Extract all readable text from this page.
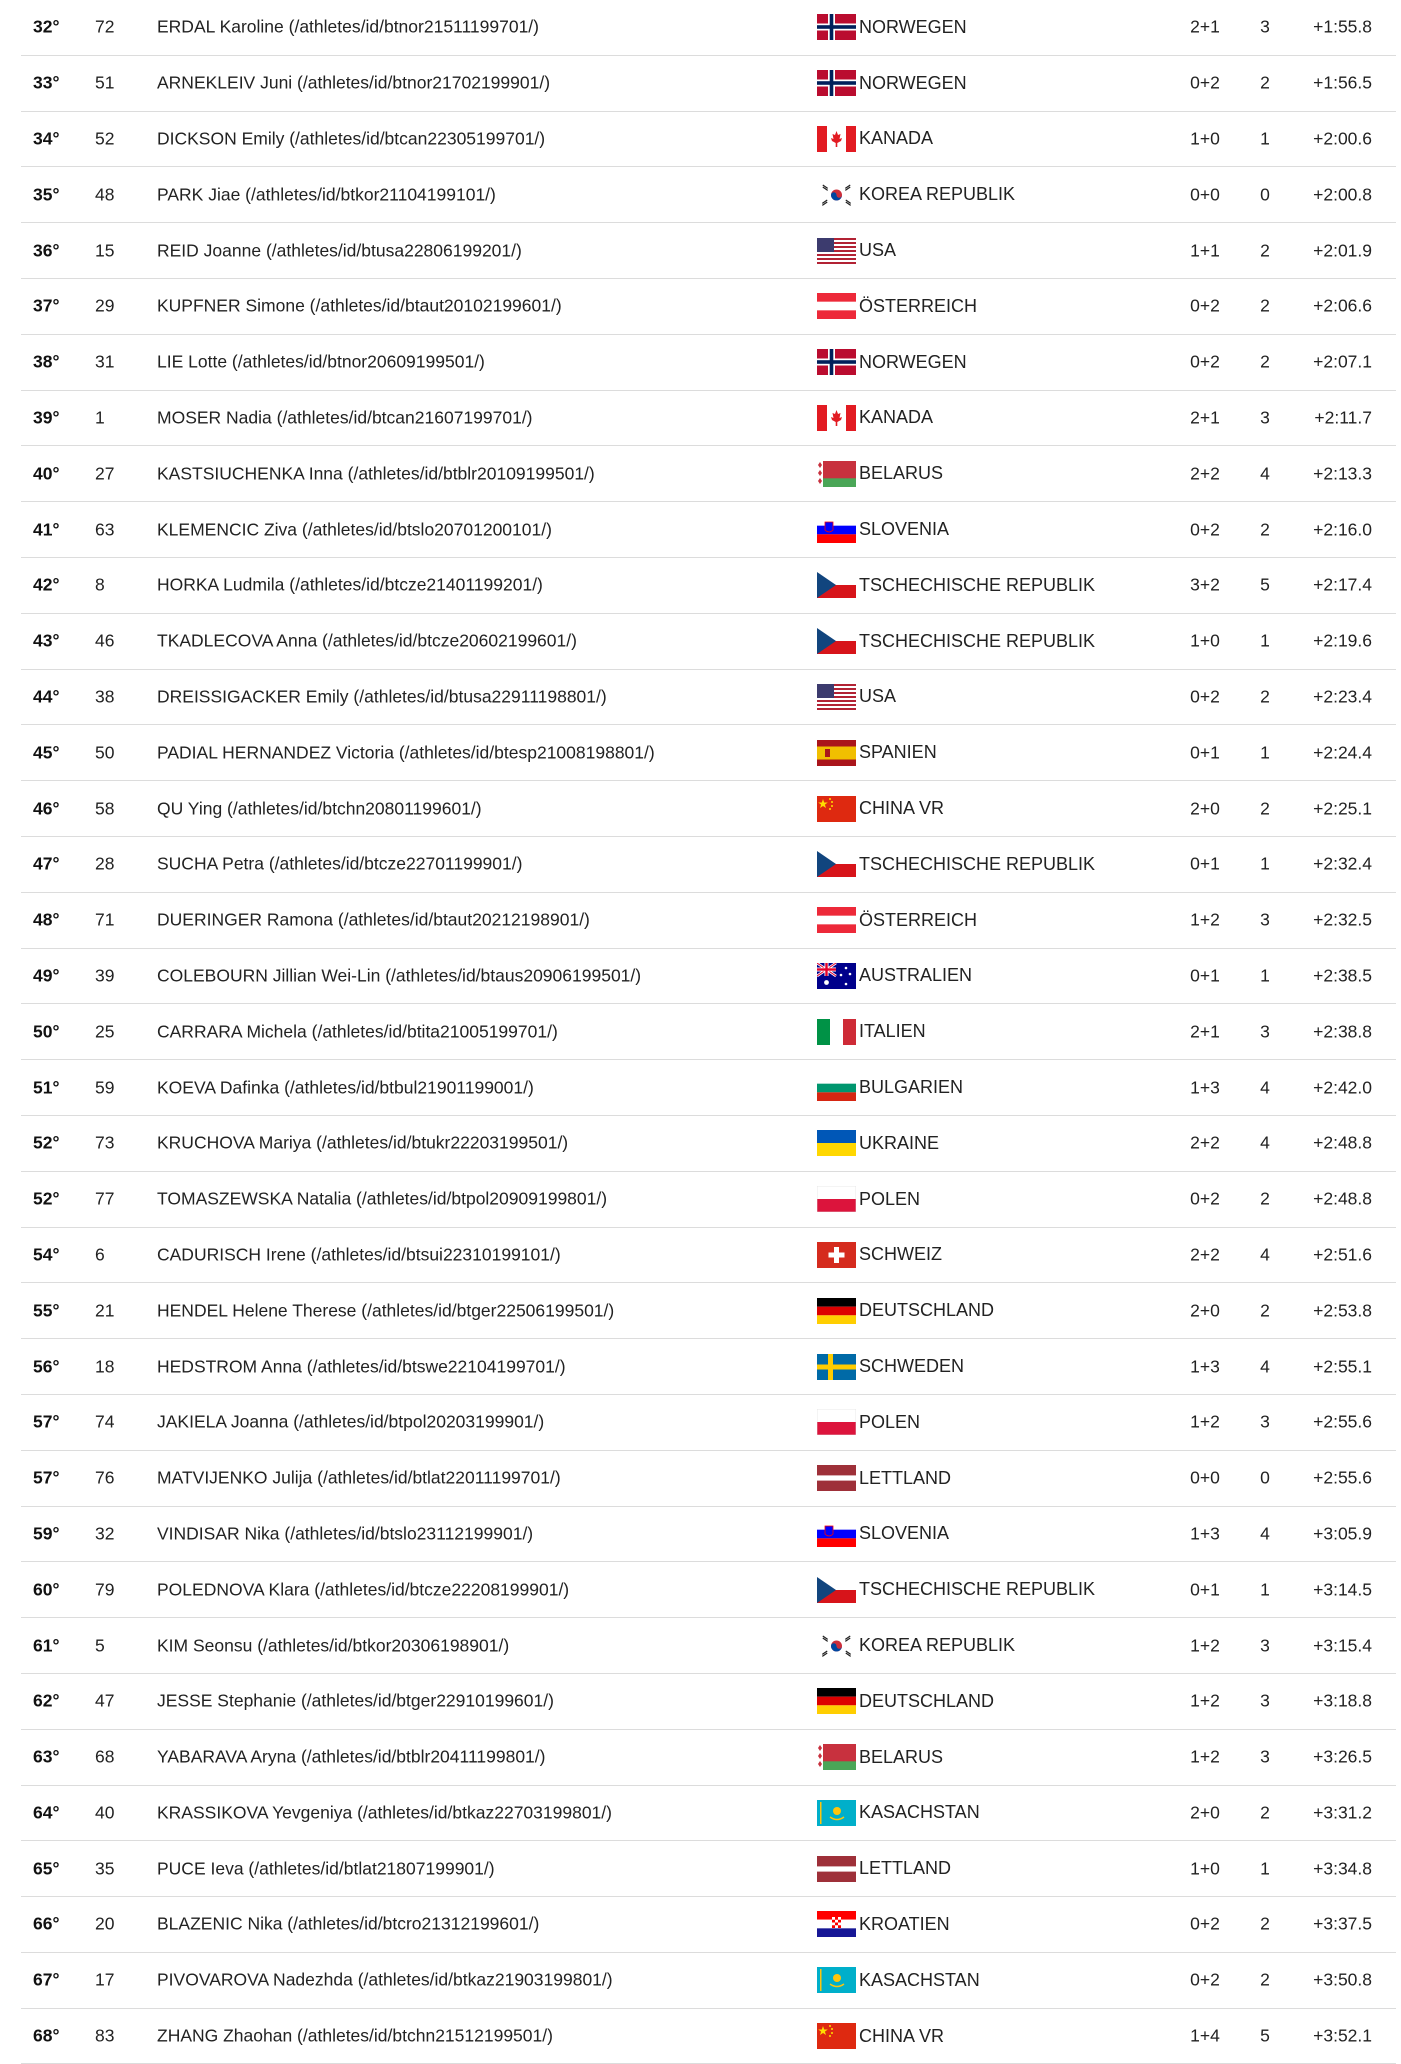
32° 72 ERDAL Karoline (/athletes/id/btnor21511199701/)	NORWEGEN	2+1	3	+1:55.8
33° 51 ARNEKLEIV Juni (/athletes/id/btnor21702199901/)	NORWEGEN	0+2	2	+1:56.5
34° 52 DICKSON Emily (/athletes/id/btcan22305199701/)	KANADA	1+0	1	+2:00.6
35° 48 PARK Jiae (/athletes/id/btkor21104199101/)	KOREA REPUBLIK	0+0	0	+2:00.8
36° 15 REID Joanne (/athletes/id/btusa22806199201/)	USA	1+1	2	+2:01.9
37° 29 KUPFNER Simone (/athletes/id/btaut20102199601/)	ÖSTERREICH	0+2	2	+2:06.6
38° 31 LIE Lotte (/athletes/id/btnor20609199501/)	NORWEGEN	0+2	2	+2:07.1
39° 1	MOSER Nadia (/athletes/id/btcan21607199701/)	KANADA	2+1	3	+2:11.7
40° 27 KASTSIUCHENKA Inna (/athletes/id/btblr20109199501/)	BELARUS	2+2	4	+2:13.3
41° 63 KLEMENCIC Ziva (/athletes/id/btslo20701200101/)	SLOVENIA	0+2	2	+2:16.0
42° 8	HORKA Ludmila (/athletes/id/btcze21401199201/)	TSCHECHISCHE REPUBLIK	3+2	5	+2:17.4
43° 46 TKADLECOVA Anna (/athletes/id/btcze20602199601/)	TSCHECHISCHE REPUBLIK	1+0	1	+2:19.6
44° 38 DREISSIGACKER Emily (/athletes/id/btusa22911198801/)	USA	0+2	2	+2:23.4
45° 50 PADIAL HERNANDEZ Victoria (/athletes/id/btesp21008198801/)	SPANIEN	0+1	1	+2:24.4
46° 58 QU Ying (/athletes/id/btchn20801199601/)	CHINA VR	2+0	2	+2:25.1
47° 28 SUCHA Petra (/athletes/id/btcze22701199901/)	TSCHECHISCHE REPUBLIK	0+1	1	+2:32.4
48° 71 DUERINGER Ramona (/athletes/id/btaut20212198901/)	ÖSTERREICH	1+2	3	+2:32.5
49° 39 COLEBOURN Jillian Wei-Lin (/athletes/id/btaus20906199501/)	AUSTRALIEN	0+1	1	+2:38.5
50° 25 CARRARA Michela (/athletes/id/btita21005199701/)	ITALIEN	2+1	3	+2:38.8
51° 59 KOEVA Dafinka (/athletes/id/btbul21901199001/)	BULGARIEN	1+3	4	+2:42.0
52° 73 KRUCHOVA Mariya (/athletes/id/btukr22203199501/)	UKRAINE	2+2	4	+2:48.8
52° 77 TOMASZEWSKA Natalia (/athletes/id/btpol20909199801/)	POLEN	0+2	2	+2:48.8
54° 6	CADURISCH Irene (/athletes/id/btsui22310199101/)	SCHWEIZ	2+2	4	+2:51.6
55° 21 HENDEL Helene Therese (/athletes/id/btger22506199501/)	DEUTSCHLAND	2+0	2	+2:53.8
56° 18 HEDSTROM Anna (/athletes/id/btswe22104199701/)	SCHWEDEN	1+3	4	+2:55.1
57° 74 JAKIELA Joanna (/athletes/id/btpol20203199901/)	POLEN	1+2	3	+2:55.6
57° 76 MATVIJENKO Julija (/athletes/id/btlat22011199701/)	LETTLAND	0+0	0	+2:55.6
59° 32 VINDISAR Nika (/athletes/id/btslo23112199901/)	SLOVENIA	1+3	4	+3:05.9
60° 79 POLEDNOVA Klara (/athletes/id/btcze22208199901/)	TSCHECHISCHE REPUBLIK	0+1	1	+3:14.5
61° 5	KIM Seonsu (/athletes/id/btkor20306198901/)	KOREA REPUBLIK	1+2	3	+3:15.4
62° 47 JESSE Stephanie (/athletes/id/btger22910199601/)	DEUTSCHLAND	1+2	3	+3:18.8
63° 68 YABARAVA Aryna (/athletes/id/btblr20411199801/)	BELARUS	1+2	3	+3:26.5
64° 40 KRASSIKOVA Yevgeniya (/athletes/id/btkaz22703199801/)	KASACHSTAN	2+0	2	+3:31.2
65° 35 PUCE Ieva (/athletes/id/btlat21807199901/)	LETTLAND	1+0	1	+3:34.8
66° 20 BLAZENIC Nika (/athletes/id/btcro21312199601/)	KROATIEN	0+2	2	+3:37.5
67° 17 PIVOVAROVA Nadezhda (/athletes/id/btkaz21903199801/)	KASACHSTAN	0+2	2	+3:50.8
68° 83 ZHANG Zhaohan (/athletes/id/btchn21512199501/)	CHINA VR	1+4	5	+3:52.1
